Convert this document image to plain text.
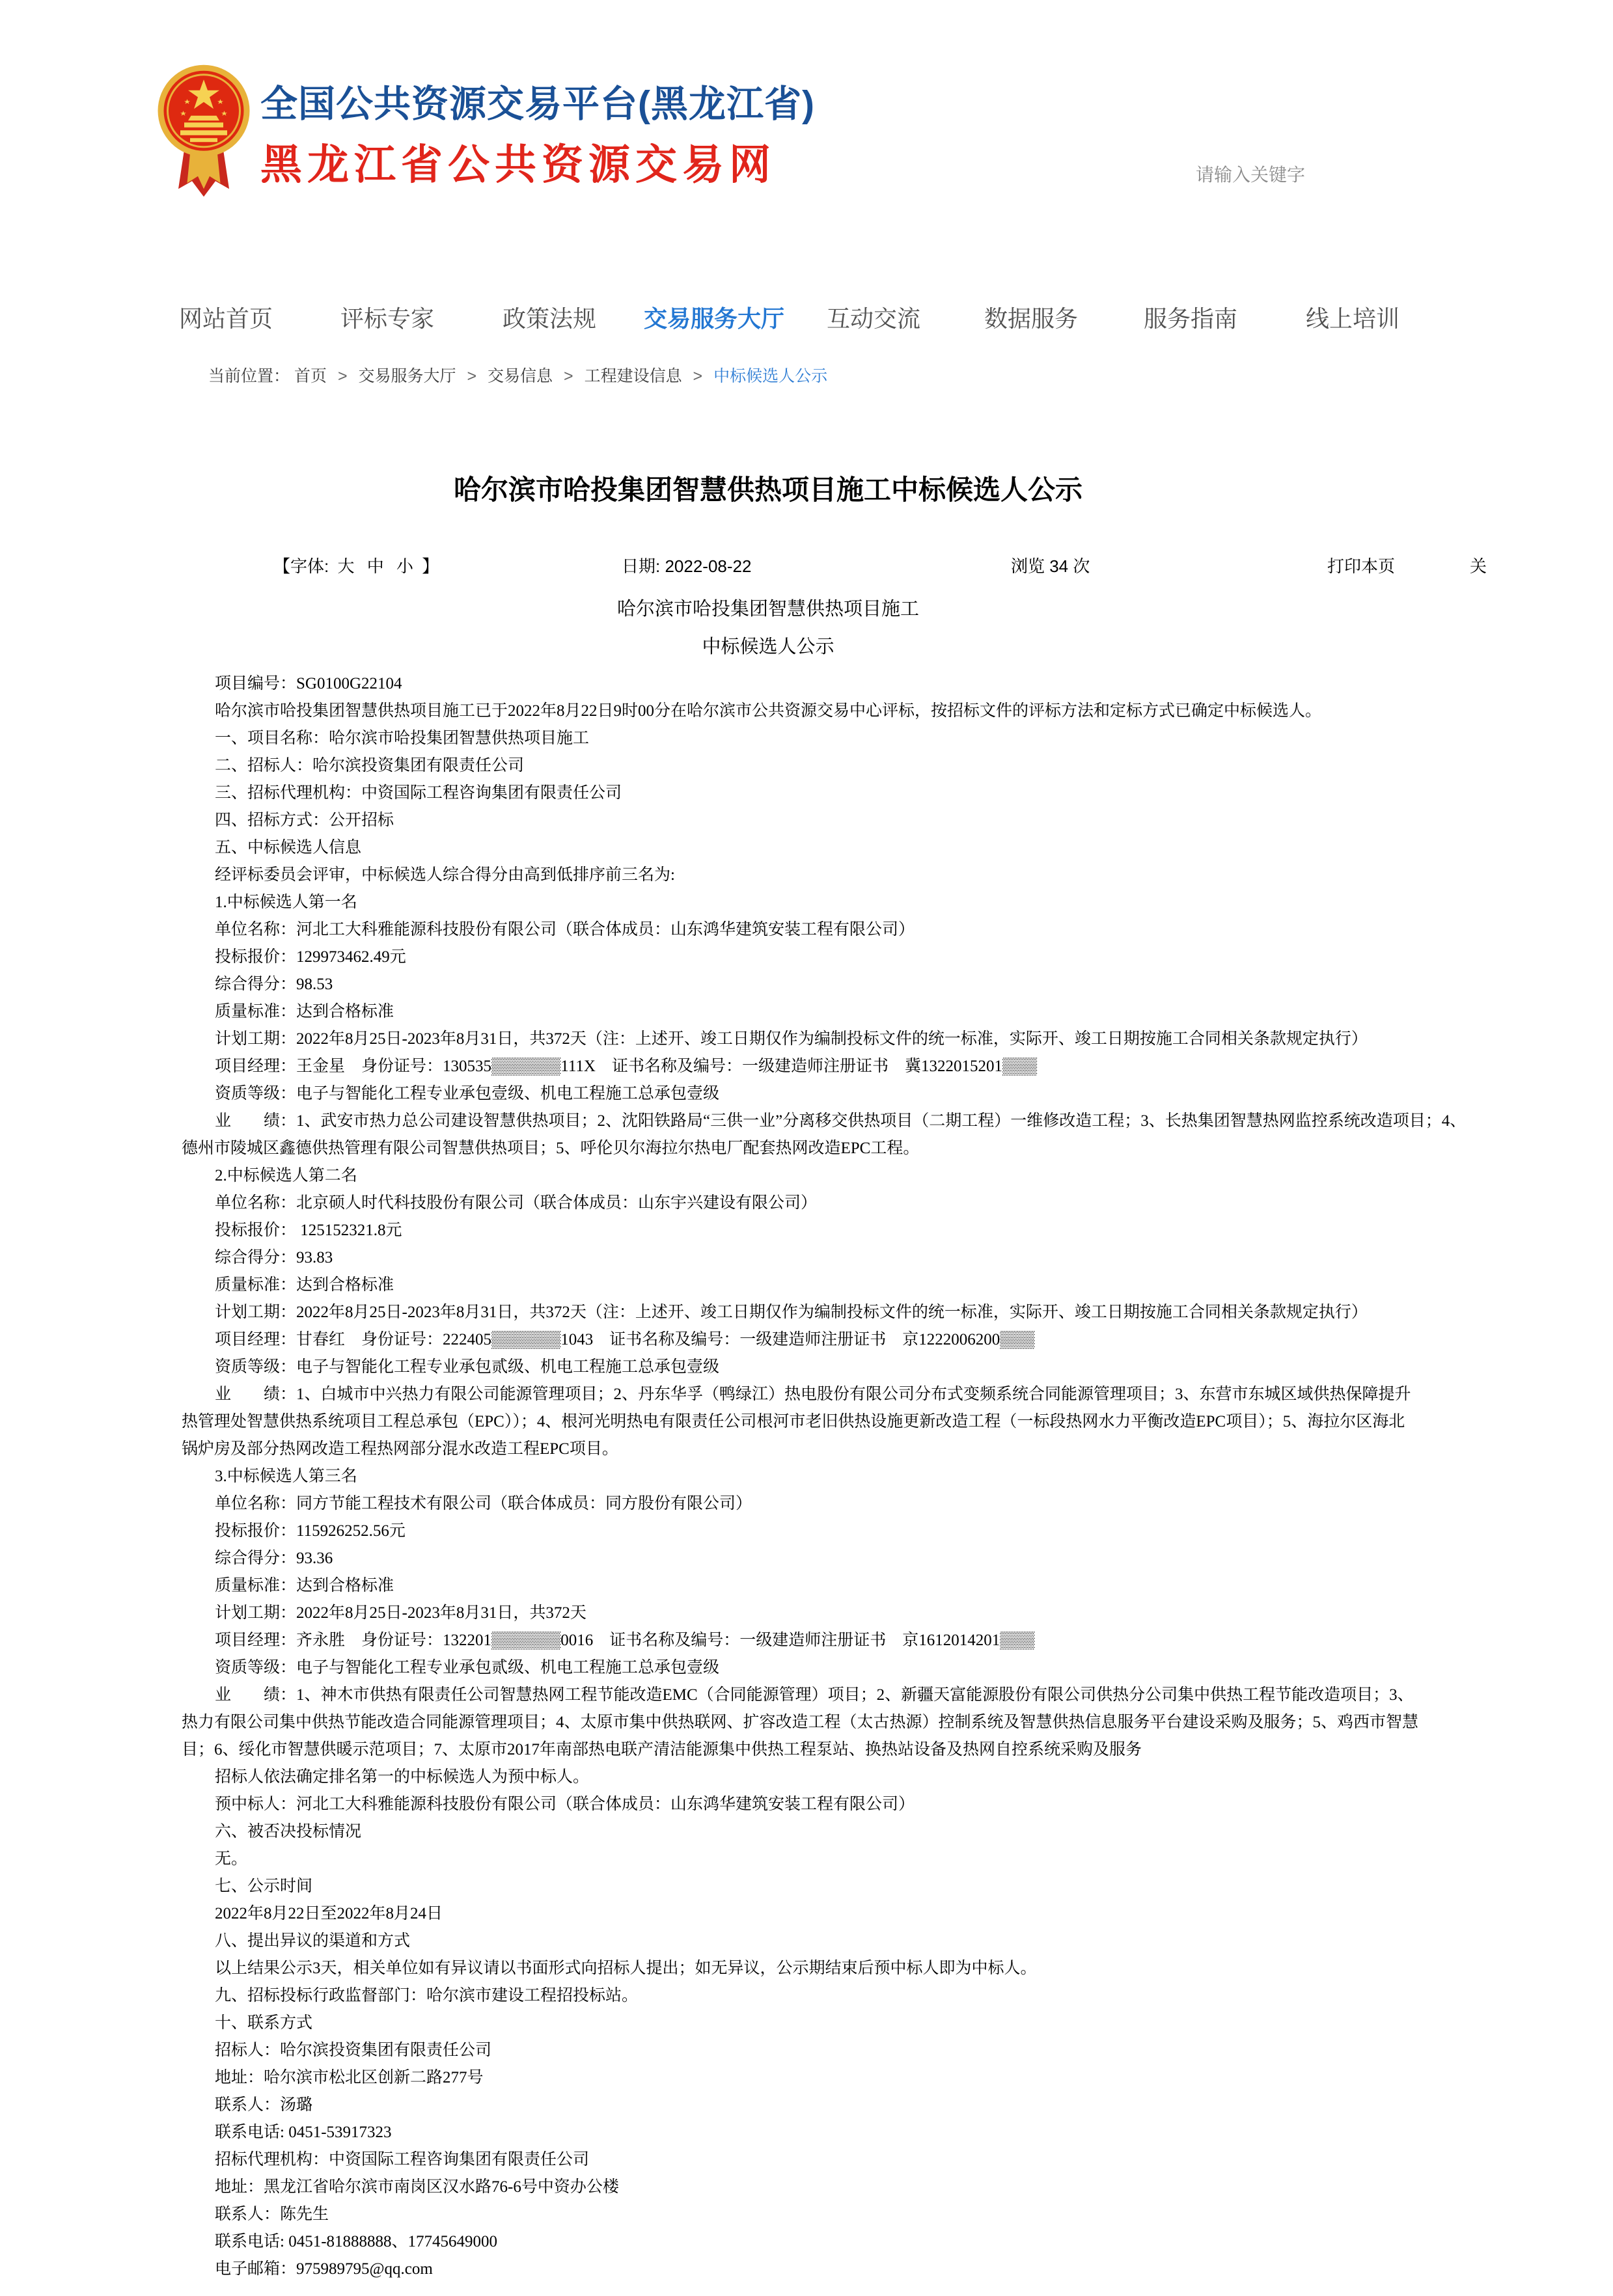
全国公共资源交易平台(黑龙江省)
黑龙江省公共资源交易网
请输入关键字
网站首页	评标专家	政策法规 交易服务大厅 互动交流	数据服务	服务指南	线上培训
当前位置： 首页 > 交易服务大厅 > 交易信息 > 工程建设信息 > 中标候选人公示
哈尔滨市哈投集团智慧供热项目施工中标候选人公示
【字体: 大 中 小 】	日期: 2022-08-22	浏览 34 次	打印本页	关
哈尔滨市哈投集团智慧供热项目施工
中标候选人公示
项目编号：SG0100G22104
哈尔滨市哈投集团智慧供热项目施工已于2022年8月22日9时00分在哈尔滨市公共资源交易中心评标，按招标文件的评标方法和定标方式已确定中标候选人。
一、项目名称：哈尔滨市哈投集团智慧供热项目施工
二、招标人：哈尔滨投资集团有限责任公司
三、招标代理机构：中资国际工程咨询集团有限责任公司
四、招标方式：公开招标
五、中标候选人信息
经评标委员会评审，中标候选人综合得分由高到低排序前三名为:
1.中标候选人第一名
单位名称：河北工大科雅能源科技股份有限公司（联合体成员：山东鸿华建筑安装工程有限公司）
投标报价：129973462.49元
综合得分：98.53
质量标准：达到合格标准
计划工期：2022年8月25日-2023年8月31日，共372天（注：上述开、竣工日期仅作为编制投标文件的统一标准，实际开、竣工日期按施工合同相关条款规定执行）
项目经理：王金星　身份证号：130535▒▒▒▒▒▒111X　证书名称及编号：一级建造师注册证书　冀1322015201▒▒▒
资质等级：电子与智能化工程专业承包壹级、机电工程施工总承包壹级
业　　绩：1、武安市热力总公司建设智慧供热项目；2、沈阳铁路局“三供一业”分离移交供热项目（二期工程）一维修改造工程；3、长热集团智慧热网监控系统改造项目；4、
德州市陵城区鑫德供热管理有限公司智慧供热项目；5、呼伦贝尔海拉尔热电厂配套热网改造EPC工程。
2.中标候选人第二名
单位名称：北京硕人时代科技股份有限公司（联合体成员：山东宇兴建设有限公司）
投标报价： 125152321.8元
综合得分：93.83
质量标准：达到合格标准
计划工期：2022年8月25日-2023年8月31日，共372天（注：上述开、竣工日期仅作为编制投标文件的统一标准，实际开、竣工日期按施工合同相关条款规定执行）
项目经理：甘春红　身份证号：222405▒▒▒▒▒▒1043　证书名称及编号：一级建造师注册证书　京1222006200▒▒▒
资质等级：电子与智能化工程专业承包贰级、机电工程施工总承包壹级
业　　绩：1、白城市中兴热力有限公司能源管理项目；2、丹东华孚（鸭绿江）热电股份有限公司分布式变频系统合同能源管理项目；3、东营市东城区域供热保障提升
热管理处智慧供热系统项目工程总承包（EPC））；4、根河光明热电有限责任公司根河市老旧供热设施更新改造工程（一标段热网水力平衡改造EPC项目）；5、海拉尔区海北
锅炉房及部分热网改造工程热网部分混水改造工程EPC项目。
3.中标候选人第三名
单位名称：同方节能工程技术有限公司（联合体成员：同方股份有限公司）
投标报价：115926252.56元
综合得分：93.36
质量标准：达到合格标准
计划工期：2022年8月25日-2023年8月31日，共372天
项目经理：齐永胜　身份证号：132201▒▒▒▒▒▒0016　证书名称及编号：一级建造师注册证书　京1612014201▒▒▒
资质等级：电子与智能化工程专业承包贰级、机电工程施工总承包壹级
业　　绩：1、神木市供热有限责任公司智慧热网工程节能改造EMC（合同能源管理）项目；2、新疆天富能源股份有限公司供热分公司集中供热工程节能改造项目；3、
热力有限公司集中供热节能改造合同能源管理项目；4、太原市集中供热联网、扩容改造工程（太古热源）控制系统及智慧供热信息服务平台建设采购及服务；5、鸡西市智慧
目；6、绥化市智慧供暖示范项目；7、太原市2017年南部热电联产清洁能源集中供热工程泵站、换热站设备及热网自控系统采购及服务
招标人依法确定排名第一的中标候选人为预中标人。
预中标人：河北工大科雅能源科技股份有限公司（联合体成员：山东鸿华建筑安装工程有限公司）
六、被否决投标情况
无。
七、公示时间
2022年8月22日至2022年8月24日
八、提出异议的渠道和方式
以上结果公示3天，相关单位如有异议请以书面形式向招标人提出；如无异议，公示期结束后预中标人即为中标人。
九、招标投标行政监督部门：哈尔滨市建设工程招投标站。
十、联系方式
招标人：哈尔滨投资集团有限责任公司
地址：哈尔滨市松北区创新二路277号
联系人：汤璐
联系电话: 0451-53917323
招标代理机构：中资国际工程咨询集团有限责任公司
地址：黑龙江省哈尔滨市南岗区汉水路76-6号中资办公楼
联系人：陈先生
联系电话: 0451-81888888、17745649000
电子邮箱：975989795@qq.com
